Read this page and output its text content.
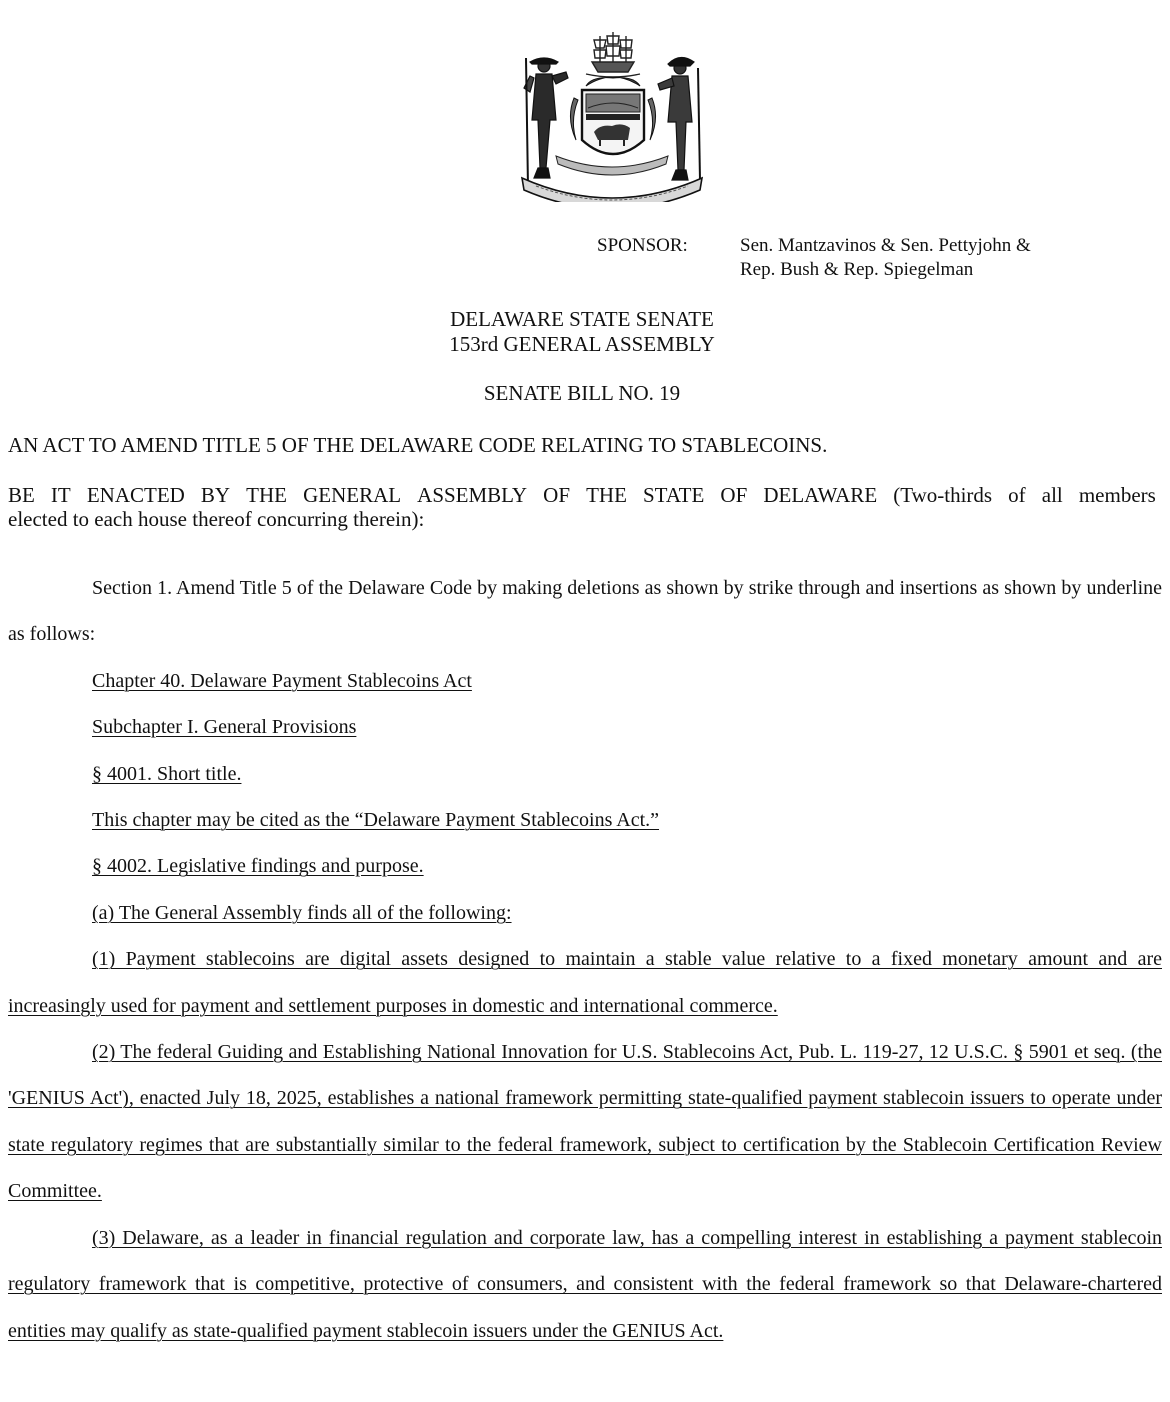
SPONSOR:	Sen. Mantzavinos & Sen. Pettyjohn &
Rep. Bush & Rep. Spiegelman
DELAWARE STATE SENATE
153rd GENERAL ASSEMBLY
SENATE BILL NO. 19
AN ACT TO AMEND TITLE 5 OF THE DELAWARE CODE RELATING TO STABLECOINS.
BE IT ENACTED BY THE GENERAL ASSEMBLY OF THE STATE OF DELAWARE (Two-thirds of all members
elected to each house thereof concurring therein):

Section 1. Amend Title 5 of the Delaware Code by making deletions as shown by strike through and insertions as shown by underline as follows:

Chapter 40. Delaware Payment Stablecoins Act

Subchapter I. General Provisions

§ 4001. Short title.

This chapter may be cited as the “Delaware Payment Stablecoins Act.”

§ 4002. Legislative findings and purpose.

(a) The General Assembly finds all of the following:

(1) Payment stablecoins are digital assets designed to maintain a stable value relative to a fixed monetary amount and are increasingly used for payment and settlement purposes in domestic and international commerce.

(2) The federal Guiding and Establishing National Innovation for U.S. Stablecoins Act, Pub. L. 119-27, 12 U.S.C. § 5901 et seq. (the 'GENIUS Act'), enacted July 18, 2025, establishes a national framework permitting state-qualified payment stablecoin issuers to operate under state regulatory regimes that are substantially similar to the federal framework, subject to certification by the Stablecoin Certification Review Committee.

(3) Delaware, as a leader in financial regulation and corporate law, has a compelling interest in establishing a payment stablecoin regulatory framework that is competitive, protective of consumers, and consistent with the federal framework so that Delaware-chartered entities may qualify as state-qualified payment stablecoin issuers under the GENIUS Act.
